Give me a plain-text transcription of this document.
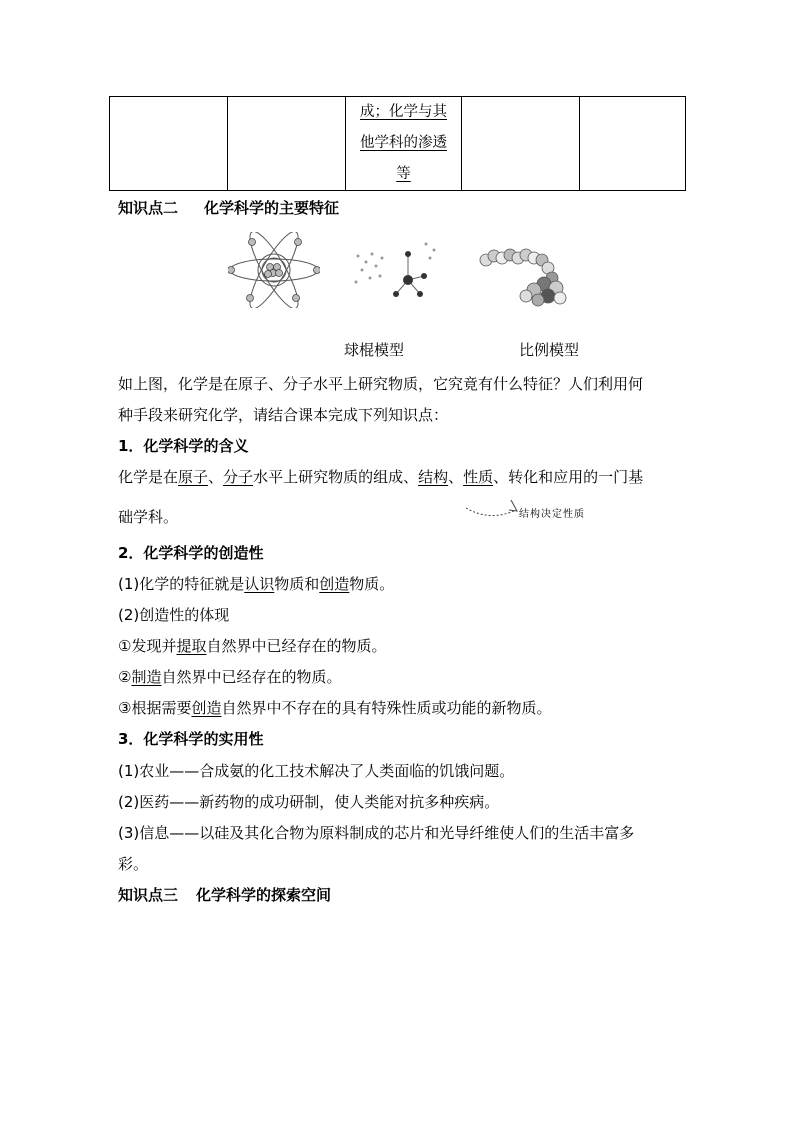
成；化学与其
他学科的渗透
等

知识点二 化学科学的主要特征
球棍模型	比例模型
如上图，化学是在原子、分子水平上研究物质，它究竟有什么特征？人们利用何
种手段来研究化学，请结合课本完成下列知识点：
1．化学科学的含义
化学是在原子、分子水平上研究物质的组成、结构、性质、转化和应用的一门基
础学科。	结构决定性质
2．化学科学的创造性
(1)化学的特征就是认识物质和创造物质。
(2)创造性的体现
①发现并提取自然界中已经存在的物质。
②制造自然界中已经存在的物质。
③根据需要创造自然界中不存在的具有特殊性质或功能的新物质。
3．化学科学的实用性
(1)农业——合成氨的化工技术解决了人类面临的饥饿问题。
(2)医药——新药物的成功研制，使人类能对抗多种疾病。
(3)信息——以硅及其化合物为原料制成的芯片和光导纤维使人们的生活丰富多
彩。
知识点三 化学科学的探索空间
